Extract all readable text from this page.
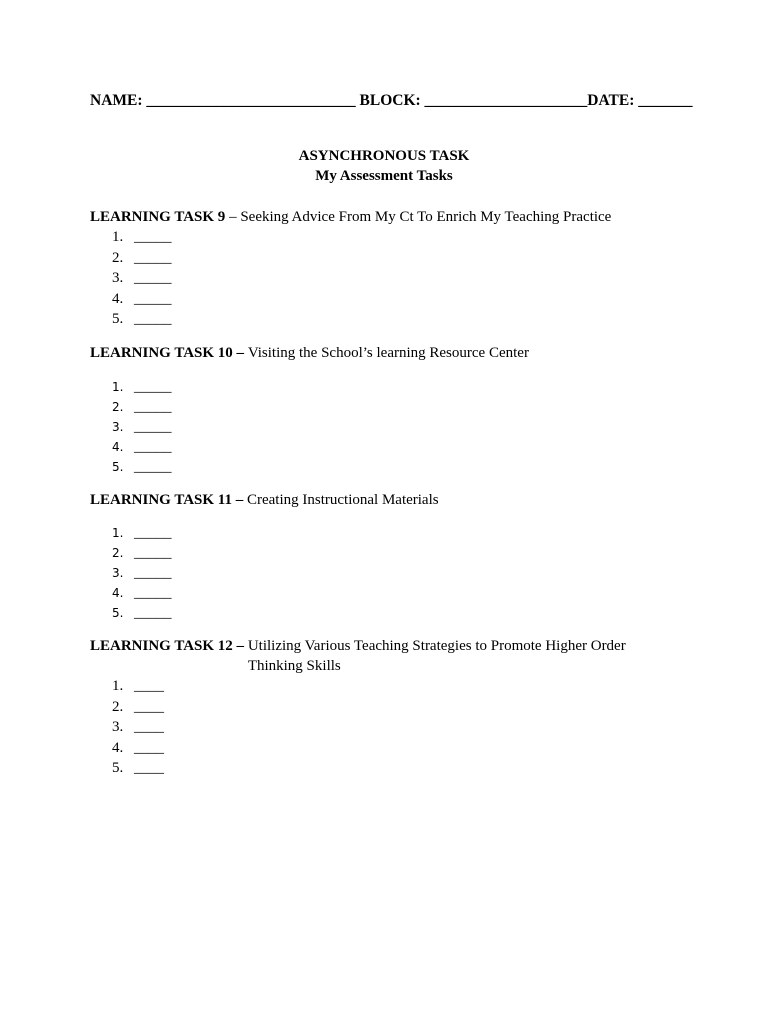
NAME: ___________________________ BLOCK: _____________________DATE: _______
ASYNCHRONOUS TASK
My Assessment Tasks
LEARNING TASK 9 – Seeking Advice From My Ct To Enrich My Teaching Practice
1. _____
2. _____
3. _____
4. _____
5. _____
LEARNING TASK 10 –
Visiting the School’s learning Resource Center
1. _____
2. _____
3. _____
4. _____
5. _____
LEARNING TASK 11 –
Creating Instructional Materials
1. _____
2. _____
3. _____
4. _____
5. _____
LEARNING TASK 12 –
Utilizing Various Teaching Strategies to Promote Higher Order Thinking Skills
1. ____
2. ____
3. ____
4. ____
5. ____
